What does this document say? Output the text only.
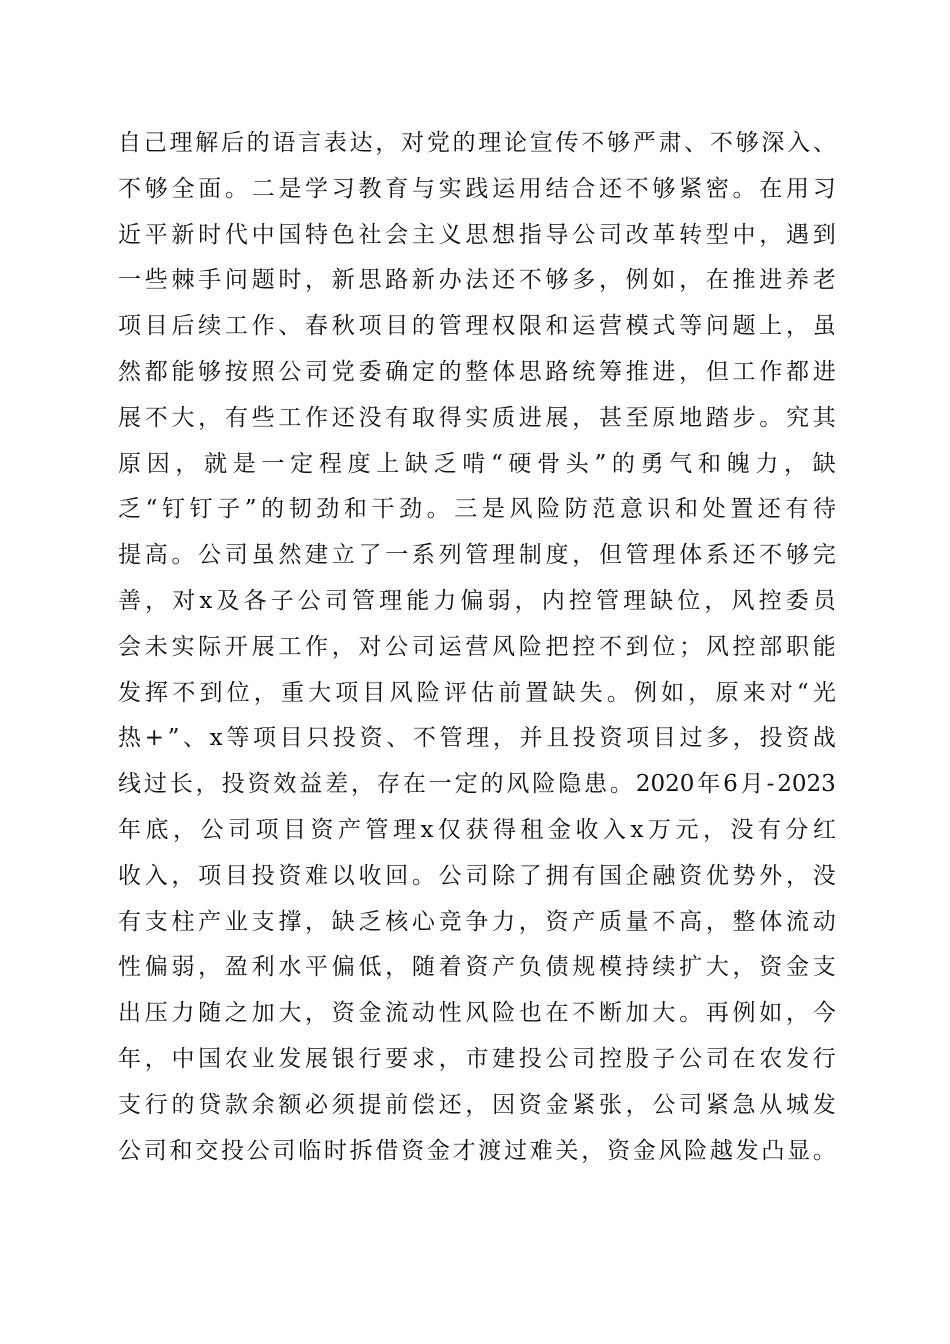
自 己 理 解 后 的 语 言 表 达 ， 对 党 的 理 论 宣 传 不 够 严 肃 、 不 够 深 入 、
不 够 全 面 。 二 是 学 习 教 育 与 实 践 运 用 结 合 还 不 够 紧 密 。 在 用 习
近 平 新 时 代 中 国 特 色 社 会 主 义 思 想 指 导 公 司 改 革 转 型 中 ， 遇 到
一 些 棘 手 问 题 时 ， 新 思 路 新 办 法 还 不 够 多 ， 例 如 ， 在 推 进 养 老
项 目 后 续 工 作 、 春 秋 项 目 的 管 理 权 限 和 运 营 模 式 等 问 题 上 ， 虽
然 都 能 够 按 照 公 司 党 委 确 定 的 整 体 思 路 统 筹 推 进 ， 但 工 作 都 进
展 不 大 ， 有 些 工 作 还 没 有 取 得 实 质 进 展 ， 甚 至 原 地 踏 步 。 究 其
原 因 ， 就 是 一 定 程 度 上 缺 乏 啃 “ 硬 骨 头 ” 的 勇 气 和 魄 力 ， 缺
乏 “ 钉 钉 子 ” 的 韧 劲 和 干 劲 。 三 是 风 险 防 范 意 识 和 处 置 还 有 待
提 高 。 公 司 虽 然 建 立 了 一 系 列 管 理 制 度 ， 但 管 理 体 系 还 不 够 完
善 ， 对 x 及 各 子 公 司 管 理 能 力 偏 弱 ， 内 控 管 理 缺 位 ， 风 控 委 员
会 未 实 际 开 展 工 作 ， 对 公 司 运 营 风 险 把 控 不 到 位 ； 风 控 部 职 能
发 挥 不 到 位 ， 重 大 项 目 风 险 评 估 前 置 缺 失 。 例 如 ， 原 来 对 “ 光
热 + ” 、 x 等 项 目 只 投 资 、 不 管 理 ， 并 且 投 资 项 目 过 多 ， 投 资 战
线 过 长 ， 投 资 效 益 差 ， 存 在 一 定 的 风 险 隐 患 。 2020 年 6 月 - 2023
年 底 ， 公 司 项 目 资 产 管 理 x 仅 获 得 租 金 收 入 x 万 元 ， 没 有 分 红
收 入 ， 项 目 投 资 难 以 收 回 。 公 司 除 了 拥 有 国 企 融 资 优 势 外 ， 没
有 支 柱 产 业 支 撑 ， 缺 乏 核 心 竞 争 力 ， 资 产 质 量 不 高 ， 整 体 流 动
性 偏 弱 ， 盈 利 水 平 偏 低 ， 随 着 资 产 负 债 规 模 持 续 扩 大 ， 资 金 支
出 压 力 随 之 加 大 ， 资 金 流 动 性 风 险 也 在 不 断 加 大 。 再 例 如 ， 今
年 ， 中 国 农 业 发 展 银 行 要 求 ， 市 建 投 公 司 控 股 子 公 司 在 农 发 行
支 行 的 贷 款 余 额 必 须 提 前 偿 还 ， 因 资 金 紧 张 ， 公 司 紧 急 从 城 发
公 司 和 交 投 公 司 临 时 拆 借 资 金 才 渡 过 难 关 ， 资 金 风 险 越 发 凸 显 。
